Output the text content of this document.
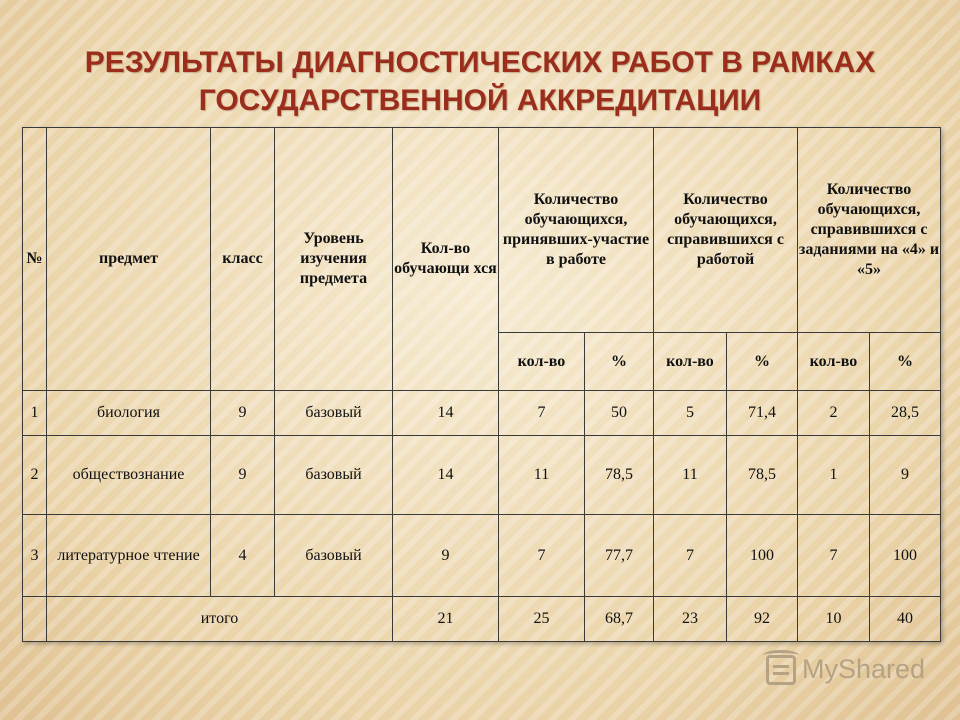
РЕЗУЛЬТАТЫ ДИАГНОСТИЧЕСКИХ РАБОТ В РАМКАХ
ГОСУДАРСТВЕННОЙ АККРЕДИТАЦИИ
№	предмет	класс	Уровень изучения предмета	Кол-во обучающи хся	Количество обучающихся, принявших-участие в работе		Количество обучающихся, справившихся с работой		Количество обучающихся, справившихся с заданиями на «4» и «5»	
					кол-во	%	кол-во	%	кол-во	%
1	биология	9	базовый	14	7	50	5	71,4	2	28,5
2	обществознание	9	базовый	14	11	78,5	11	78,5	1	9
3	литературное чтение	4	базовый	9	7	77,7	7	100	7	100
	итого			21	25	68,7	23	92	10	40
MyShared
